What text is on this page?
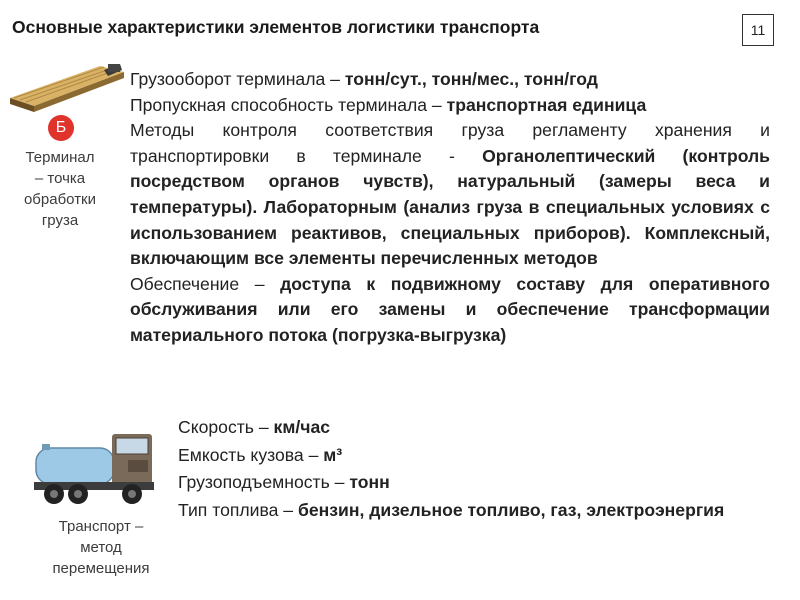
Основные характеристики элементов логистики транспорта	11
Б
Терминал
– точка
обработки
груза
Транспорт –
метод
перемещения

Грузооборот терминала – тонн/сут., тонн/мес., тонн/год

Пропускная способность терминала – транспортная единица

Методы контроля соответствия груза регламенту хранения и транспортировки в терминале - Органолептический (контроль посредством органов чувств), натуральный (замеры веса и температуры). Лабораторным (анализ груза в специальных условиях с использованием реактивов, специальных приборов). Комплексный, включающим все элементы перечисленных методов

Обеспечение – доступа к подвижному составу для оперативного обслуживания или его замены и обеспечение трансформации материального потока (погрузка-выгрузка)

Скорость – км/час

Емкость кузова – м³

Грузоподъемность – тонн

Тип топлива – бензин, дизельное топливо, газ, электроэнергия
